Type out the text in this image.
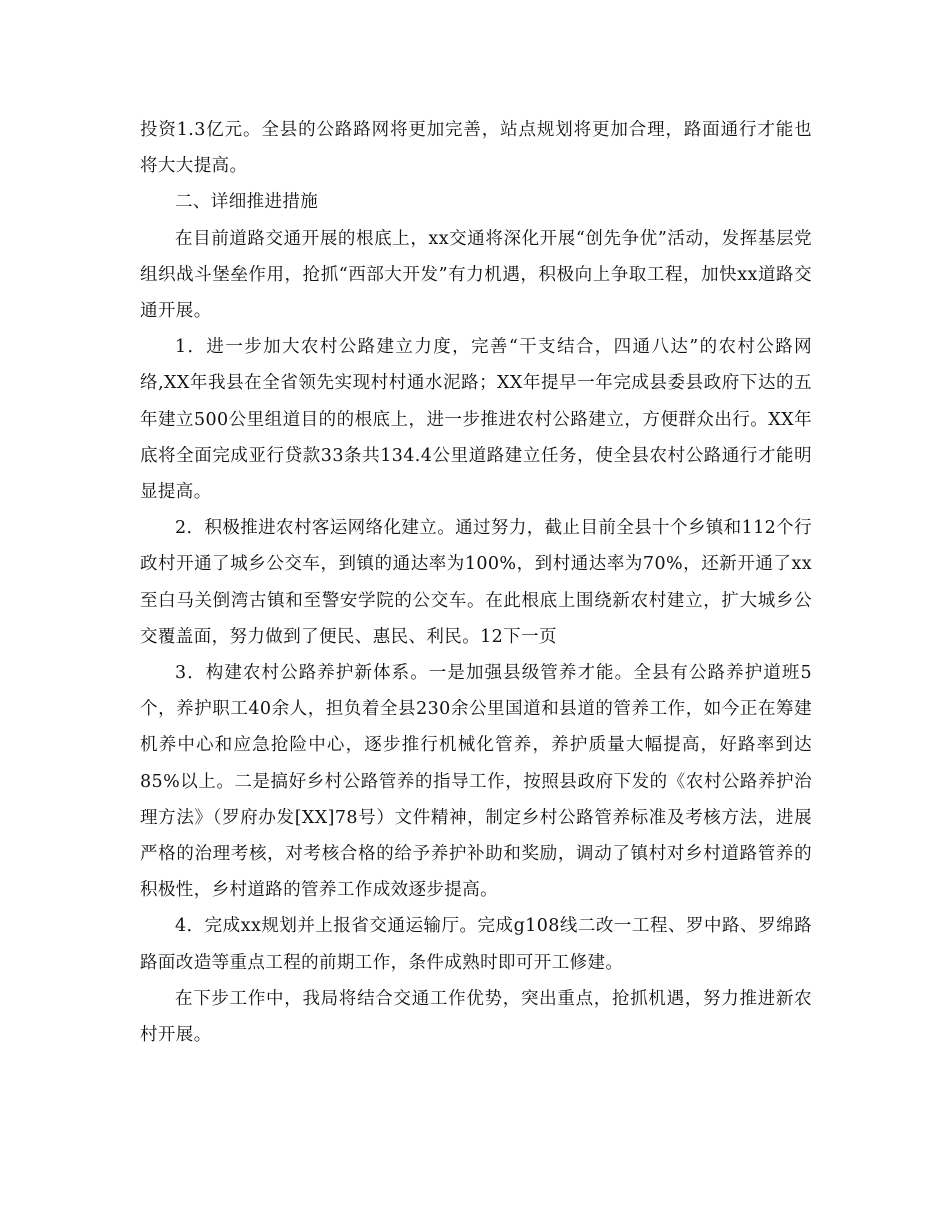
投资1.3亿元。全县的公路路网将更加完善，站点规划将更加合理，路面通行才能也将大大提高。

二、详细推进措施

在目前道路交通开展的根底上，xx交通将深化开展“创先争优”活动，发挥基层党组织战斗堡垒作用，抢抓“西部大开发”有力机遇，积极向上争取工程，加快xx道路交通开展。

1．进一步加大农村公路建立力度，完善“干支结合，四通八达”的农村公路网络,XX年我县在全省领先实现村村通水泥路；XX年提早一年完成县委县政府下达的五年建立500公里组道目的的根底上，进一步推进农村公路建立，方便群众出行。XX年底将全面完成亚行贷款33条共134.4公里道路建立任务，使全县农村公路通行才能明显提高。

2．积极推进农村客运网络化建立。通过努力，截止目前全县十个乡镇和112个行政村开通了城乡公交车，到镇的通达率为100%，到村通达率为70%，还新开通了xx至白马关倒湾古镇和至警安学院的公交车。在此根底上围绕新农村建立，扩大城乡公交覆盖面，努力做到了便民、惠民、利民。12下一页

3．构建农村公路养护新体系。一是加强县级管养才能。全县有公路养护道班5个，养护职工40余人，担负着全县230余公里国道和县道的管养工作，如今正在筹建机养中心和应急抢险中心，逐步推行机械化管养，养护质量大幅提高，好路率到达85%以上。二是搞好乡村公路管养的指导工作，按照县政府下发的《农村公路养护治理方法》（罗府办发[XX]78号）文件精神，制定乡村公路管养标准及考核方法，进展严格的治理考核，对考核合格的给予养护补助和奖励，调动了镇村对乡村道路管养的积极性，乡村道路的管养工作成效逐步提高。

4．完成xx规划并上报省交通运输厅。完成g108线二改一工程、罗中路、罗绵路路面改造等重点工程的前期工作，条件成熟时即可开工修建。

在下步工作中，我局将结合交通工作优势，突出重点，抢抓机遇，努力推进新农村开展。
